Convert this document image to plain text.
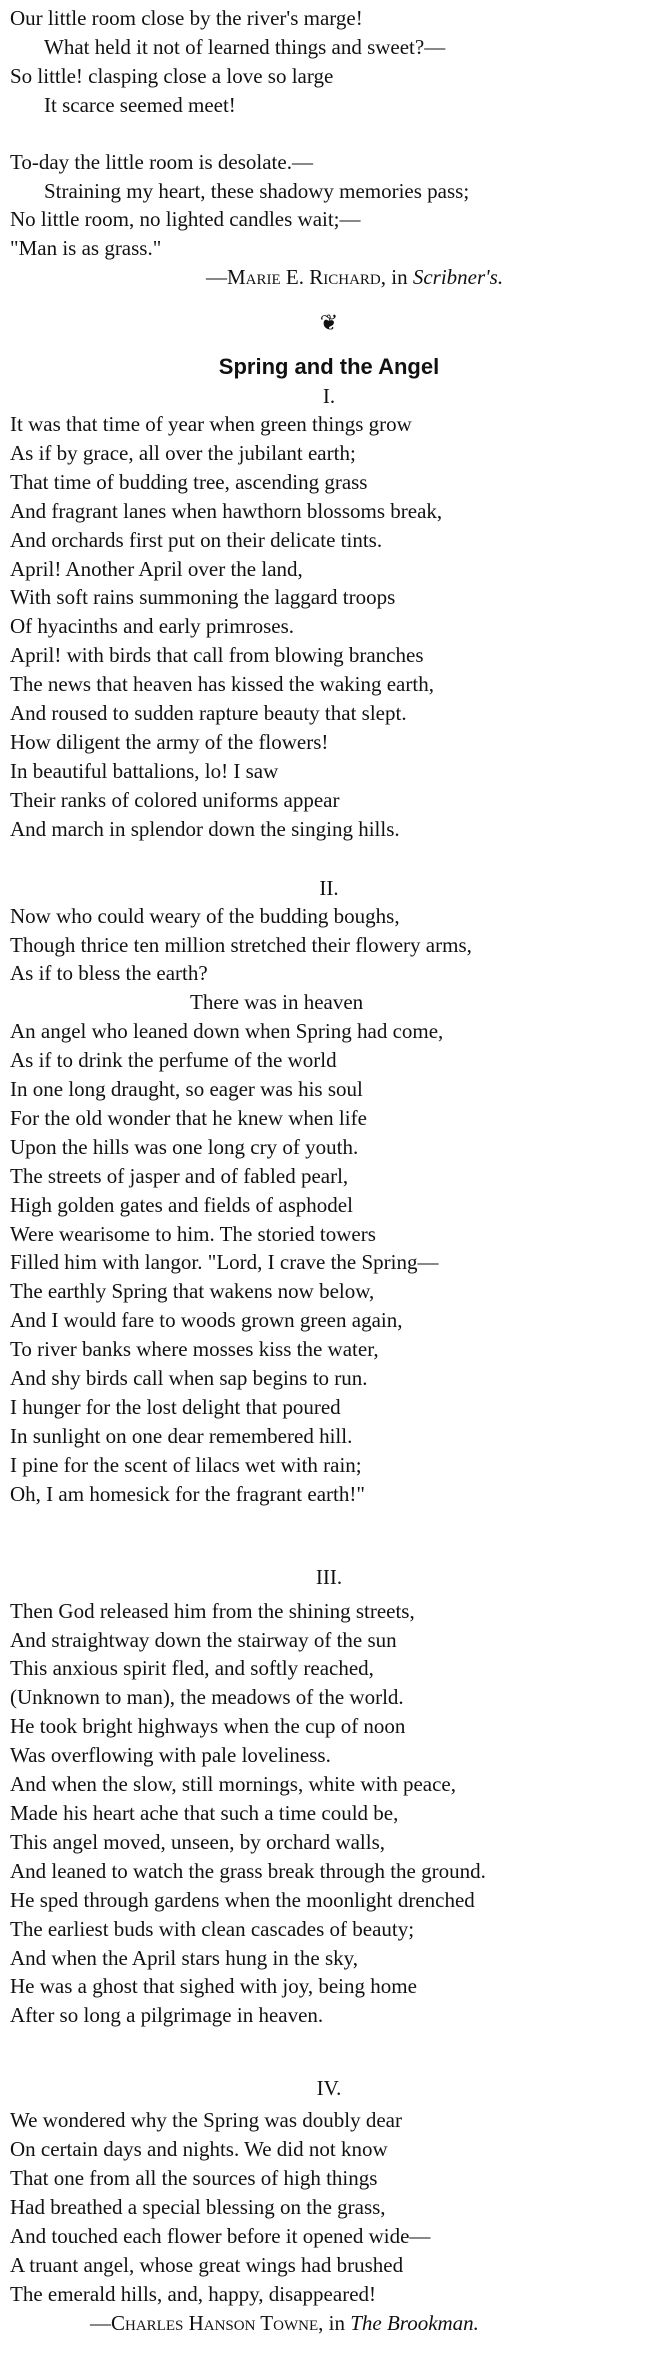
Our little room close by the river's marge!
What held it not of learned things and sweet?—
So little! clasping close a love so large
It scarce seemed meet!
To-day the little room is desolate.—
Straining my heart, these shadowy memories pass;
No little room, no lighted candles wait;—
"Man is as grass."
—Marie E. Richard, in Scribner's.
❦
Spring and the Angel
I.
It was that time of year when green things grow
As if by grace, all over the jubilant earth;
That time of budding tree, ascending grass
And fragrant lanes when hawthorn blossoms break,
And orchards first put on their delicate tints.
April! Another April over the land,
With soft rains summoning the laggard troops
Of hyacinths and early primroses.
April! with birds that call from blowing branches
The news that heaven has kissed the waking earth,
And roused to sudden rapture beauty that slept.
How diligent the army of the flowers!
In beautiful battalions, lo! I saw
Their ranks of colored uniforms appear
And march in splendor down the singing hills.
II.
Now who could weary of the budding boughs,
Though thrice ten million stretched their flowery arms,
As if to bless the earth?
There was in heaven
An angel who leaned down when Spring had come,
As if to drink the perfume of the world
In one long draught, so eager was his soul
For the old wonder that he knew when life
Upon the hills was one long cry of youth.
The streets of jasper and of fabled pearl,
High golden gates and fields of asphodel
Were wearisome to him. The storied towers
Filled him with langor. "Lord, I crave the Spring—
The earthly Spring that wakens now below,
And I would fare to woods grown green again,
To river banks where mosses kiss the water,
And shy birds call when sap begins to run.
I hunger for the lost delight that poured
In sunlight on one dear remembered hill.
I pine for the scent of lilacs wet with rain;
Oh, I am homesick for the fragrant earth!"
III.
Then God released him from the shining streets,
And straightway down the stairway of the sun
This anxious spirit fled, and softly reached,
(Unknown to man), the meadows of the world.
He took bright highways when the cup of noon
Was overflowing with pale loveliness.
And when the slow, still mornings, white with peace,
Made his heart ache that such a time could be,
This angel moved, unseen, by orchard walls,
And leaned to watch the grass break through the ground.
He sped through gardens when the moonlight drenched
The earliest buds with clean cascades of beauty;
And when the April stars hung in the sky,
He was a ghost that sighed with joy, being home
After so long a pilgrimage in heaven.
IV.
We wondered why the Spring was doubly dear
On certain days and nights. We did not know
That one from all the sources of high things
Had breathed a special blessing on the grass,
And touched each flower before it opened wide—
A truant angel, whose great wings had brushed
The emerald hills, and, happy, disappeared!
—Charles Hanson Towne, in The Brookman.
